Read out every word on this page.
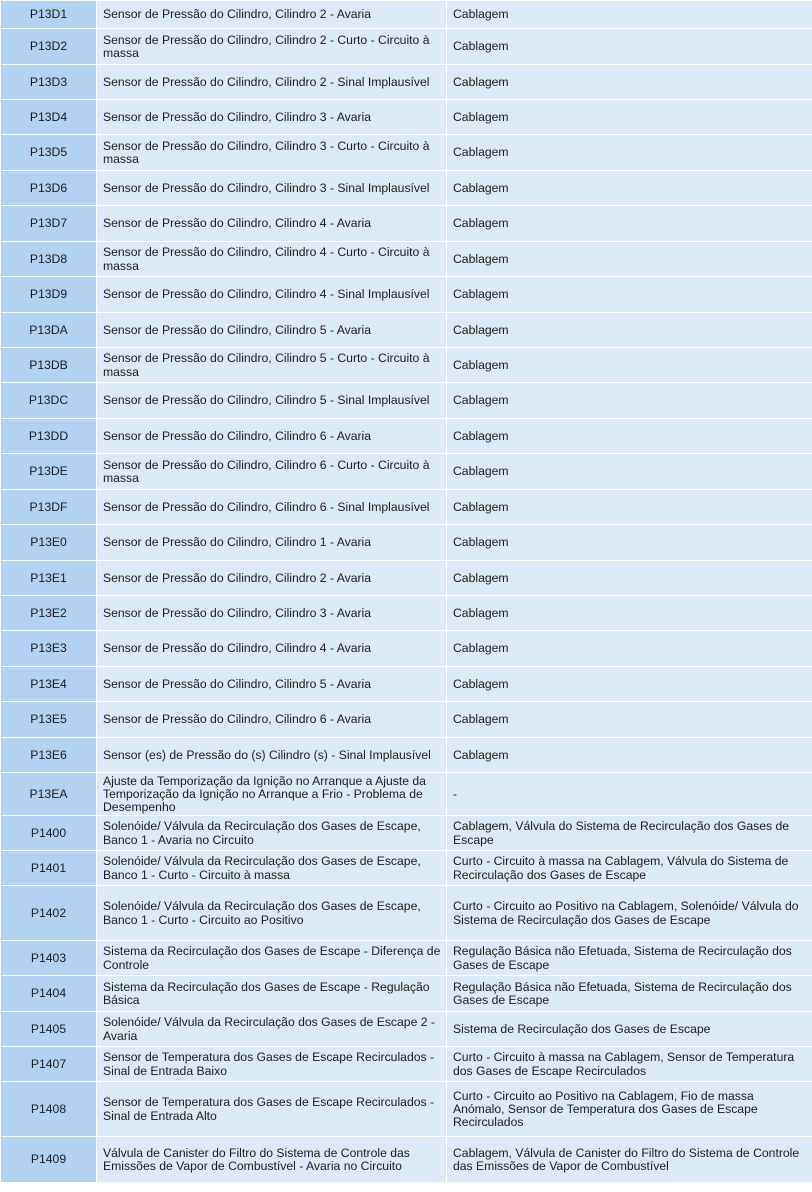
P13D1	Sensor de Pressão do Cilindro, Cilindro 2 - Avaria	Cablagem
P13D2	Sensor de Pressão do Cilindro, Cilindro 2 - Curto - Circuito à massa	Cablagem
P13D3	Sensor de Pressão do Cilindro, Cilindro 2 - Sinal Implausível	Cablagem
P13D4	Sensor de Pressão do Cilindro, Cilindro 3 - Avaria	Cablagem
P13D5	Sensor de Pressão do Cilindro, Cilindro 3 - Curto - Circuito à massa	Cablagem
P13D6	Sensor de Pressão do Cilindro, Cilindro 3 - Sinal Implausível	Cablagem
P13D7	Sensor de Pressão do Cilindro, Cilindro 4 - Avaria	Cablagem
P13D8	Sensor de Pressão do Cilindro, Cilindro 4 - Curto - Circuito à massa	Cablagem
P13D9	Sensor de Pressão do Cilindro, Cilindro 4 - Sinal Implausível	Cablagem
P13DA	Sensor de Pressão do Cilindro, Cilindro 5 - Avaria	Cablagem
P13DB	Sensor de Pressão do Cilindro, Cilindro 5 - Curto - Circuito à massa	Cablagem
P13DC	Sensor de Pressão do Cilindro, Cilindro 5 - Sinal Implausível	Cablagem
P13DD	Sensor de Pressão do Cilindro, Cilindro 6 - Avaria	Cablagem
P13DE	Sensor de Pressão do Cilindro, Cilindro 6 - Curto - Circuito à massa	Cablagem
P13DF	Sensor de Pressão do Cilindro, Cilindro 6 - Sinal Implausível	Cablagem
P13E0	Sensor de Pressão do Cilindro, Cilindro 1 - Avaria	Cablagem
P13E1	Sensor de Pressão do Cilindro, Cilindro 2 - Avaria	Cablagem
P13E2	Sensor de Pressão do Cilindro, Cilindro 3 - Avaria	Cablagem
P13E3	Sensor de Pressão do Cilindro, Cilindro 4 - Avaria	Cablagem
P13E4	Sensor de Pressão do Cilindro, Cilindro 5 - Avaria	Cablagem
P13E5	Sensor de Pressão do Cilindro, Cilindro 6 - Avaria	Cablagem
P13E6	Sensor (es) de Pressão do (s) Cilindro (s) - Sinal Implausível	Cablagem
P13EA	Ajuste da Temporização da Ignição no Arranque a Ajuste da Temporização da Ignição no Arranque a Frio - Problema de Desempenho	-
P1400	Solenóide/ Válvula da Recirculação dos Gases de Escape, Banco 1 - Avaria no Circuito	Cablagem, Válvula do Sistema de Recirculação dos Gases de Escape
P1401	Solenóide/ Válvula da Recirculação dos Gases de Escape, Banco 1 - Curto - Circuito à massa	Curto - Circuito à massa na Cablagem, Válvula do Sistema de Recirculação dos Gases de Escape
P1402	Solenóide/ Válvula da Recirculação dos Gases de Escape, Banco 1 - Curto - Circuito ao Positivo	Curto - Circuito ao Positivo na Cablagem, Solenóide/ Válvula do Sistema de Recirculação dos Gases de Escape
P1403	Sistema da Recirculação dos Gases de Escape - Diferença de Controle	Regulação Básica não Efetuada, Sistema de Recirculação dos Gases de Escape
P1404	Sistema da Recirculação dos Gases de Escape - Regulação Básica	Regulação Básica não Efetuada, Sistema de Recirculação dos Gases de Escape
P1405	Solenóide/ Válvula da Recirculação dos Gases de Escape 2 - Avaria	Sistema de Recirculação dos Gases de Escape
P1407	Sensor de Temperatura dos Gases de Escape Recirculados - Sinal de Entrada Baixo	Curto - Circuito à massa na Cablagem, Sensor de Temperatura dos Gases de Escape Recirculados
P1408	Sensor de Temperatura dos Gases de Escape Recirculados - Sinal de Entrada Alto	Curto - Circuito ao Positivo na Cablagem, Fio de massa Anómalo, Sensor de Temperatura dos Gases de Escape Recirculados
P1409	Válvula de Canister do Filtro do Sistema de Controle das Emissões de Vapor de Combustível - Avaria no Circuito	Cablagem, Válvula de Canister do Filtro do Sistema de Controle das Emissões de Vapor de Combustível
